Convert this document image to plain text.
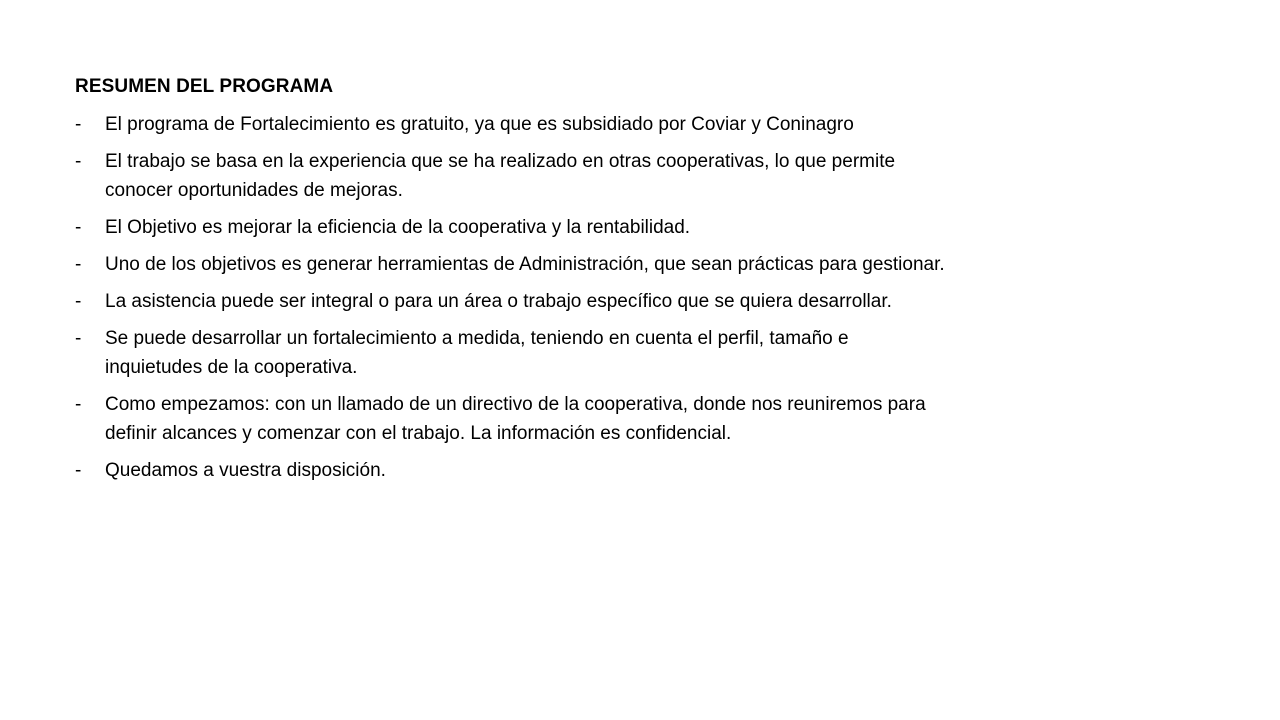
RESUMEN DEL PROGRAMA
- El programa de Fortalecimiento es gratuito, ya que es subsidiado por Coviar y Coninagro
- El trabajo se basa en la experiencia que se ha realizado en otras cooperativas, lo que permite conocer oportunidades de mejoras.
- El Objetivo es mejorar la eficiencia de la cooperativa y la rentabilidad.
- Uno de los objetivos es generar herramientas de Administración, que sean prácticas para gestionar.
- La asistencia puede ser integral o para un área o trabajo específico que se quiera desarrollar.
- Se puede desarrollar un fortalecimiento a medida, teniendo en cuenta el perfil, tamaño e inquietudes de la cooperativa.
- Como empezamos: con un llamado de un directivo de la cooperativa, donde nos reuniremos para definir alcances y comenzar con el trabajo. La información es confidencial.
- Quedamos a vuestra disposición.
